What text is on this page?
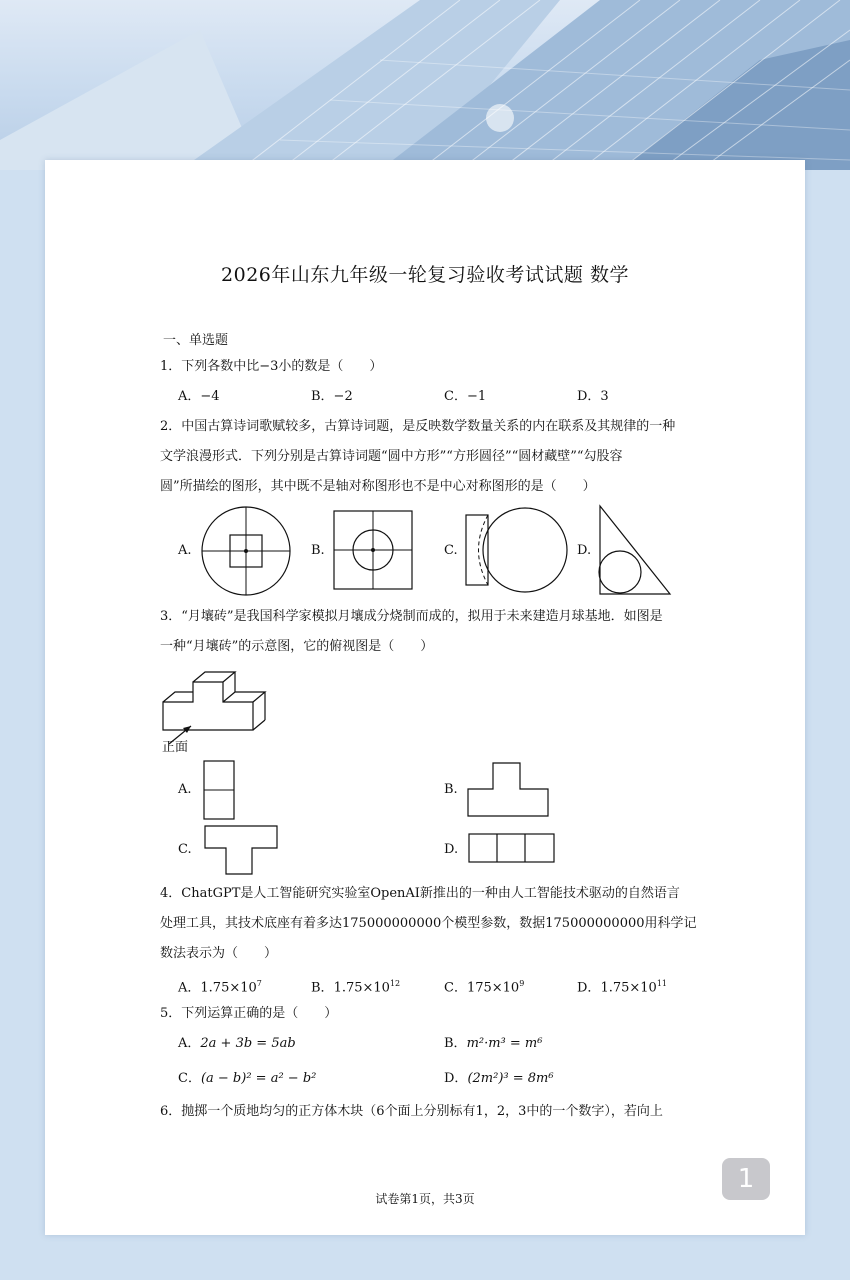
2026年山东九年级一轮复习验收考试试题 数学
一、单选题
1．下列各数中比−3小的数是（　　）
A．−4	B．−2	C．−1	D．3
2．中国古算诗词歌赋较多，古算诗词题，是反映数学数量关系的内在联系及其规律的一种
文学浪漫形式．下列分别是古算诗词题“圆中方形”“方形圆径”“圆材藏壁”“勾股容
圆”所描绘的图形，其中既不是轴对称图形也不是中心对称图形的是（　　）
A.	B.	C.	D.
3．“月壤砖”是我国科学家模拟月壤成分烧制而成的，拟用于未来建造月球基地．如图是
一种“月壤砖”的示意图，它的俯视图是（　　）
正面
A.	B.
C.	D.
4．ChatGPT是人工智能研究实验室OpenAI新推出的一种由人工智能技术驱动的自然语言
处理工具，其技术底座有着多达175000000000个模型参数，数据175000000000用科学记
数法表示为（　　）
A．$1.75\times 10^7$	B．$1.75\times 10^{12}$	C．$175\times 10^9$	D．$1.75\times 10^{11}$
5．下列运算正确的是（　　）
A．2a + 3b = 5ab	B．m²·m³ = m⁶
C．(a − b)² = a² − b²	D．(2m²)³ = 8m⁶
6．抛掷一个质地均匀的正方体木块（6个面上分别标有1，2，3中的一个数字），若向上
试卷第1页，共3页
1
